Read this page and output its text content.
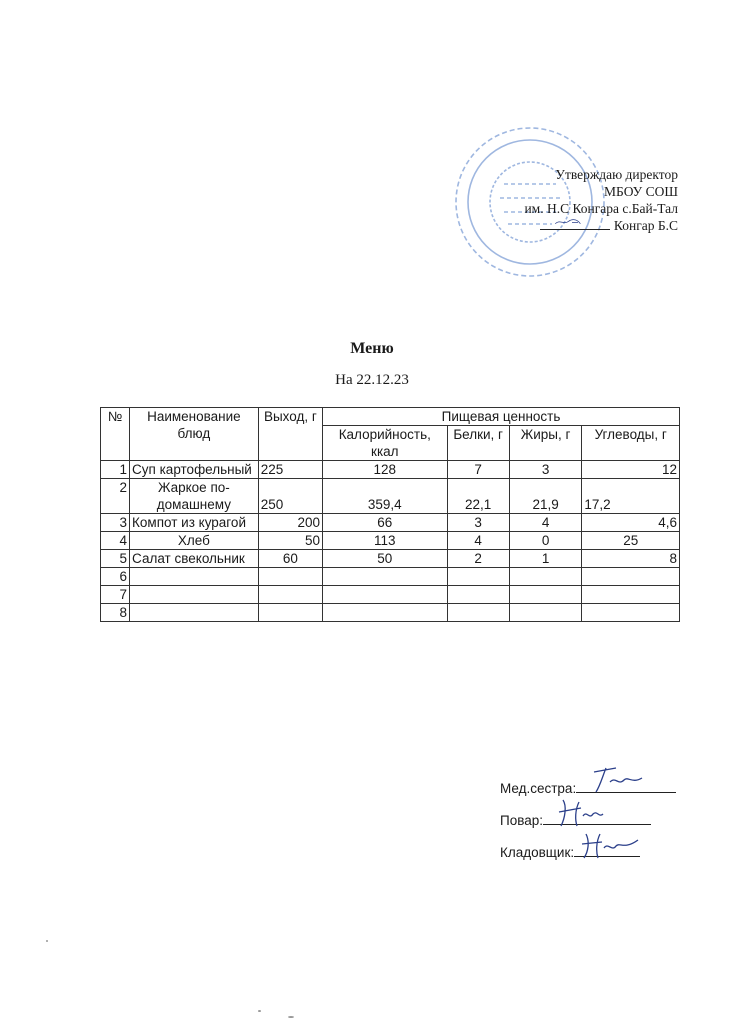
Утверждаю директор
МБОУ СОШ
им. Н.С Конгара с.Бай-Тал
Конгар Б.С
Меню
На 22.12.23
№	Наименование блюд	Выход, г	Пищевая ценность			
			Калорийность, ккал	Белки, г	Жиры, г	Углеводы, г
1	Суп картофельный	225	128	7	3	12
2	Жаркое по-домашнему	250	359,4	22,1	21,9	17,2
3	Компот из курагой	200	66	3	4	4,6
4	Хлеб	50	113	4	0	25
5	Салат свекольник	60	50	2	1	8
6						
7						
8						
Мед.сестра:
Повар:
Кладовщик:
